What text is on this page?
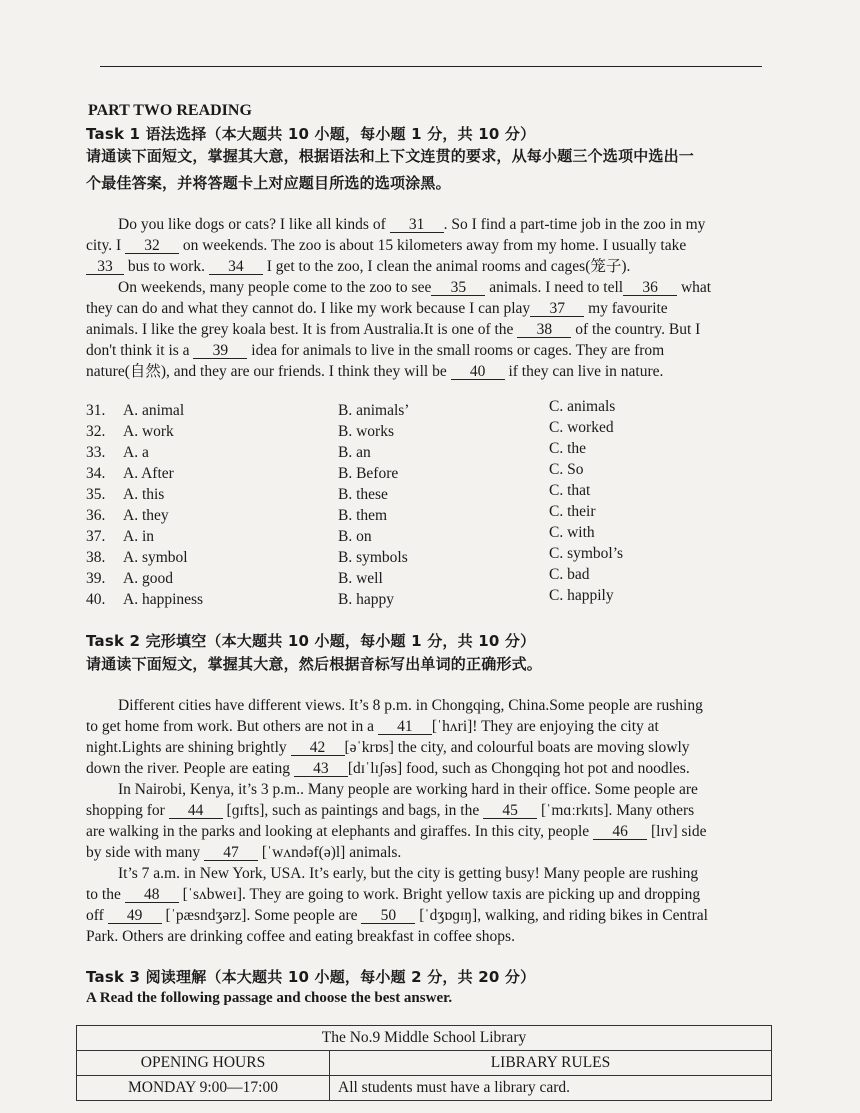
PART TWO READING
Task 1 语法选择（本大题共 10 小题，每小题 1 分，共 10 分）
请通读下面短文，掌握其大意，根据语法和上下文连贯的要求，从每小题三个选项中选出一
个最佳答案，并将答题卡上对应题目所选的选项涂黑。
Do you like dogs or cats? I like all kinds of 31 . So I find a part-time job in the zoo in my
city. I 32 on weekends. The zoo is about 15 kilometers away from my home. I usually take
33 bus to work. 34 I get to the zoo, I clean the animal rooms and cages(笼子).
On weekends, many people come to the zoo to see 35 animals. I need to tell 36 what
they can do and what they cannot do. I like my work because I can play 37 my favourite
animals. I like the grey koala best. It is from Australia.It is one of the 38 of the country. But I
don't think it is a 39 idea for animals to live in the small rooms or cages. They are from
nature(自然), and they are our friends. I think they will be 40 if they can live in nature.
31. A. animal	B. animals’	C. animals
32. A. work	B. works	C. worked
33. A. a	B. an	C. the
34. A. After	B. Before	C. So
35. A. this	B. these	C. that
36. A. they	B. them	C. their
37. A. in	B. on	C. with
38. A. symbol	B. symbols	C. symbol’s
39. A. good	B. well	C. bad
40. A. happiness	B. happy	C. happily
Task 2 完形填空（本大题共 10 小题，每小题 1 分，共 10 分）
请通读下面短文，掌握其大意，然后根据音标写出单词的正确形式。
Different cities have different views. It’s 8 p.m. in Chongqing, China.Some people are rushing
to get home from work. But others are not in a 41 [ˈhʌri]! They are enjoying the city at
night.Lights are shining brightly 42 [əˈkrɒs] the city, and colourful boats are moving slowly
down the river. People are eating 43 [dɪˈlɪʃəs] food, such as Chongqing hot pot and noodles.
In Nairobi, Kenya, it’s 3 p.m.. Many people are working hard in their office. Some people are
shopping for 44 [ɡɪfts], such as paintings and bags, in the 45 [ˈmɑːrkɪts]. Many others
are walking in the parks and looking at elephants and giraffes. In this city, people 46 [lɪv] side
by side with many 47 [ˈwʌndəf(ə)l] animals.
It’s 7 a.m. in New York, USA. It’s early, but the city is getting busy! Many people are rushing
to the 48 [ˈsʌbweɪ]. They are going to work. Bright yellow taxis are picking up and dropping
off 49 [ˈpæsndʒərz]. Some people are 50 [ˈdʒɒɡɪŋ], walking, and riding bikes in Central
Park. Others are drinking coffee and eating breakfast in coffee shops.
Task 3 阅读理解（本大题共 10 小题，每小题 2 分，共 20 分）
A Read the following passage and choose the best answer.
The No.9 Middle School Library	
OPENING HOURS	LIBRARY RULES
MONDAY 9:00—17:00	All students must have a library card.
